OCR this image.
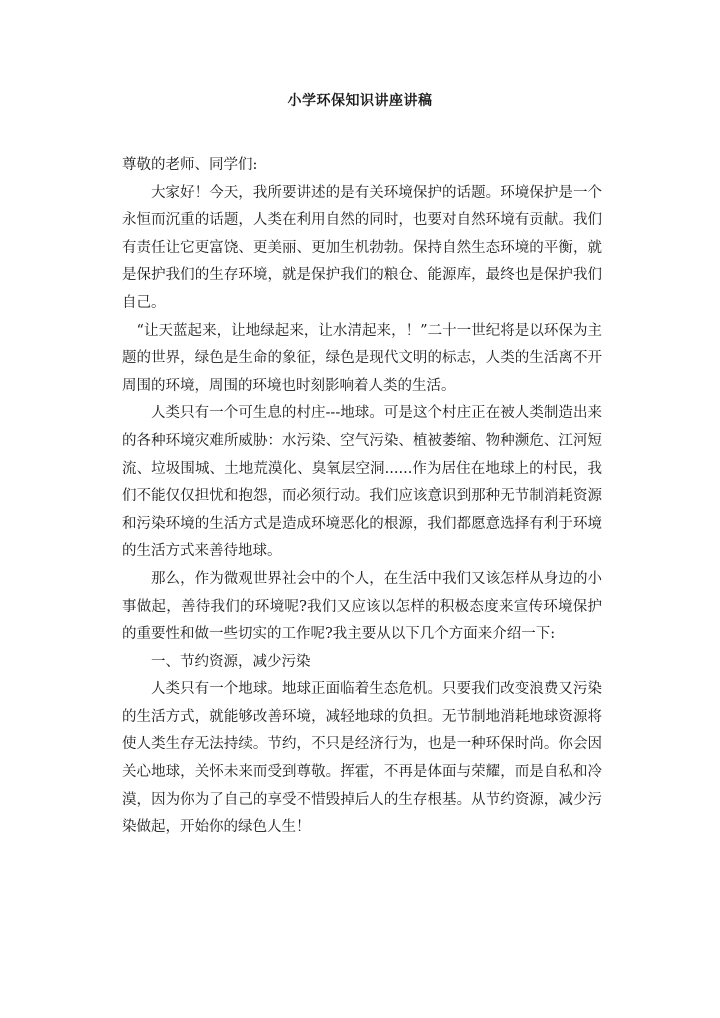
小学环保知识讲座讲稿

尊敬的老师、同学们:

大家好！今天，我所要讲述的是有关环境保护的话题。环境保护是一个永恒而沉重的话题，人类在利用自然的同时，也要对自然环境有贡献。我们有责任让它更富饶、更美丽、更加生机勃勃。保持自然生态环境的平衡，就是保护我们的生存环境，就是保护我们的粮仓、能源库，最终也是保护我们自己。

“让天蓝起来，让地绿起来，让水清起来，！”二十一世纪将是以环保为主题的世界，绿色是生命的象征，绿色是现代文明的标志，人类的生活离不开周围的环境，周围的环境也时刻影响着人类的生活。

人类只有一个可生息的村庄---地球。可是这个村庄正在被人类制造出来的各种环境灾难所威胁：水污染、空气污染、植被萎缩、物种濒危、江河短流、垃圾围城、土地荒漠化、臭氧层空洞......作为居住在地球上的村民，我们不能仅仅担忧和抱怨，而必须行动。我们应该意识到那种无节制消耗资源和污染环境的生活方式是造成环境恶化的根源，我们都愿意选择有利于环境的生活方式来善待地球。

那么，作为微观世界社会中的个人，在生活中我们又该怎样从身边的小事做起，善待我们的环境呢?我们又应该以怎样的积极态度来宣传环境保护的重要性和做一些切实的工作呢?我主要从以下几个方面来介绍一下:

一、节约资源，减少污染

人类只有一个地球。地球正面临着生态危机。只要我们改变浪费又污染的生活方式，就能够改善环境，减轻地球的负担。无节制地消耗地球资源将使人类生存无法持续。节约，不只是经济行为，也是一种环保时尚。你会因关心地球，关怀未来而受到尊敬。挥霍，不再是体面与荣耀，而是自私和冷漠，因为你为了自己的享受不惜毁掉后人的生存根基。从节约资源，减少污染做起，开始你的绿色人生！
